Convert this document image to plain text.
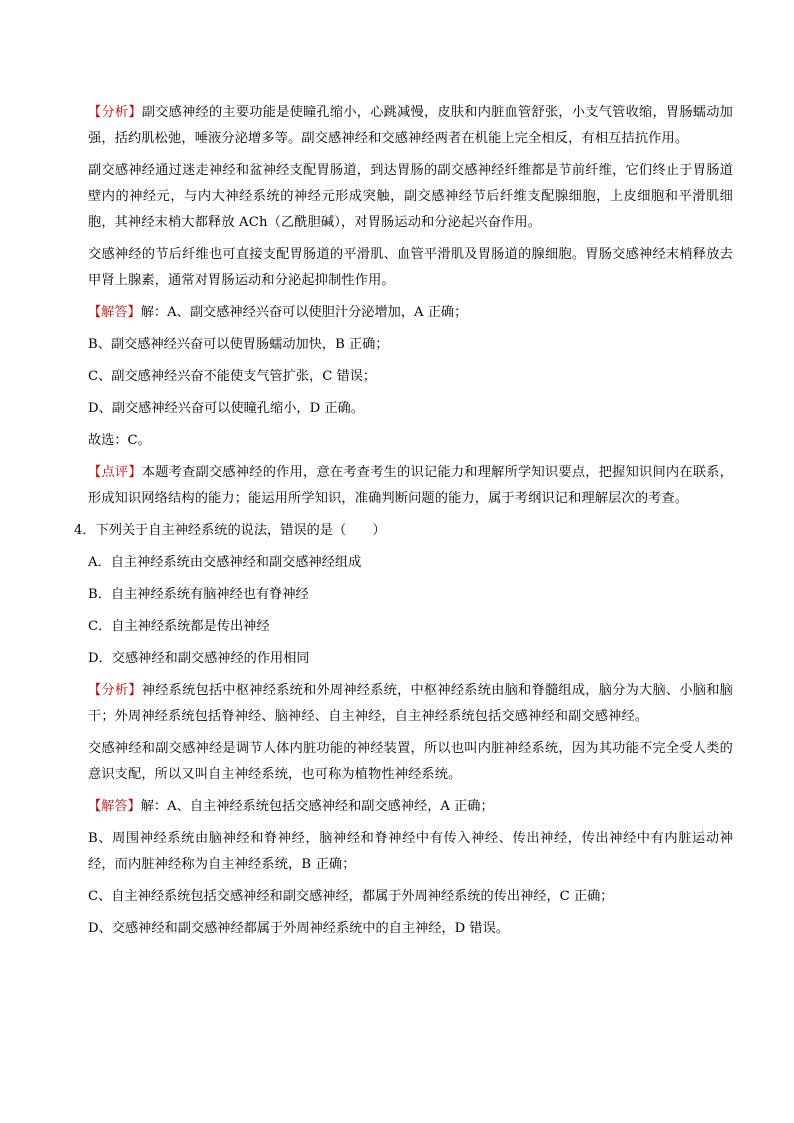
【分析】副交感神经的主要功能是使瞳孔缩小，心跳减慢，皮肤和内脏血管舒张，小支气管收缩，胃肠蠕动加强，括约肌松弛，唾液分泌增多等。副交感神经和交感神经两者在机能上完全相反，有相互拮抗作用。

副交感神经通过迷走神经和盆神经支配胃肠道，到达胃肠的副交感神经纤维都是节前纤维，它们终止于胃肠道壁内的神经元，与内大神经系统的神经元形成突触，副交感神经节后纤维支配腺细胞，上皮细胞和平滑肌细胞，其神经末梢大都释放 ACh（乙酰胆碱），对胃肠运动和分泌起兴奋作用。

交感神经的节后纤维也可直接支配胃肠道的平滑肌、血管平滑肌及胃肠道的腺细胞。胃肠交感神经末梢释放去甲肾上腺素，通常对胃肠运动和分泌起抑制性作用。

【解答】解：A、副交感神经兴奋可以使胆汁分泌增加，A 正确；

B、副交感神经兴奋可以使胃肠蠕动加快，B 正确；

C、副交感神经兴奋不能使支气管扩张，C 错误；

D、副交感神经兴奋可以使瞳孔缩小，D 正确。

故选：C。

【点评】本题考查副交感神经的作用，意在考查考生的识记能力和理解所学知识要点，把握知识间内在联系，形成知识网络结构的能力；能运用所学知识，准确判断问题的能力，属于考纲识记和理解层次的考查。

4．下列关于自主神经系统的说法，错误的是（　　）

A．自主神经系统由交感神经和副交感神经组成

B．自主神经系统有脑神经也有脊神经

C．自主神经系统都是传出神经

D．交感神经和副交感神经的作用相同

【分析】神经系统包括中枢神经系统和外周神经系统，中枢神经系统由脑和脊髓组成，脑分为大脑、小脑和脑干；外周神经系统包括脊神经、脑神经、自主神经，自主神经系统包括交感神经和副交感神经。

交感神经和副交感神经是调节人体内脏功能的神经装置，所以也叫内脏神经系统，因为其功能不完全受人类的意识支配，所以又叫自主神经系统，也可称为植物性神经系统。

【解答】解：A、自主神经系统包括交感神经和副交感神经，A 正确；

B、周围神经系统由脑神经和脊神经，脑神经和脊神经中有传入神经、传出神经，传出神经中有内脏运动神经，而内脏神经称为自主神经系统，B 正确；

C、自主神经系统包括交感神经和副交感神经，都属于外周神经系统的传出神经，C 正确；

D、交感神经和副交感神经都属于外周神经系统中的自主神经，D 错误。
